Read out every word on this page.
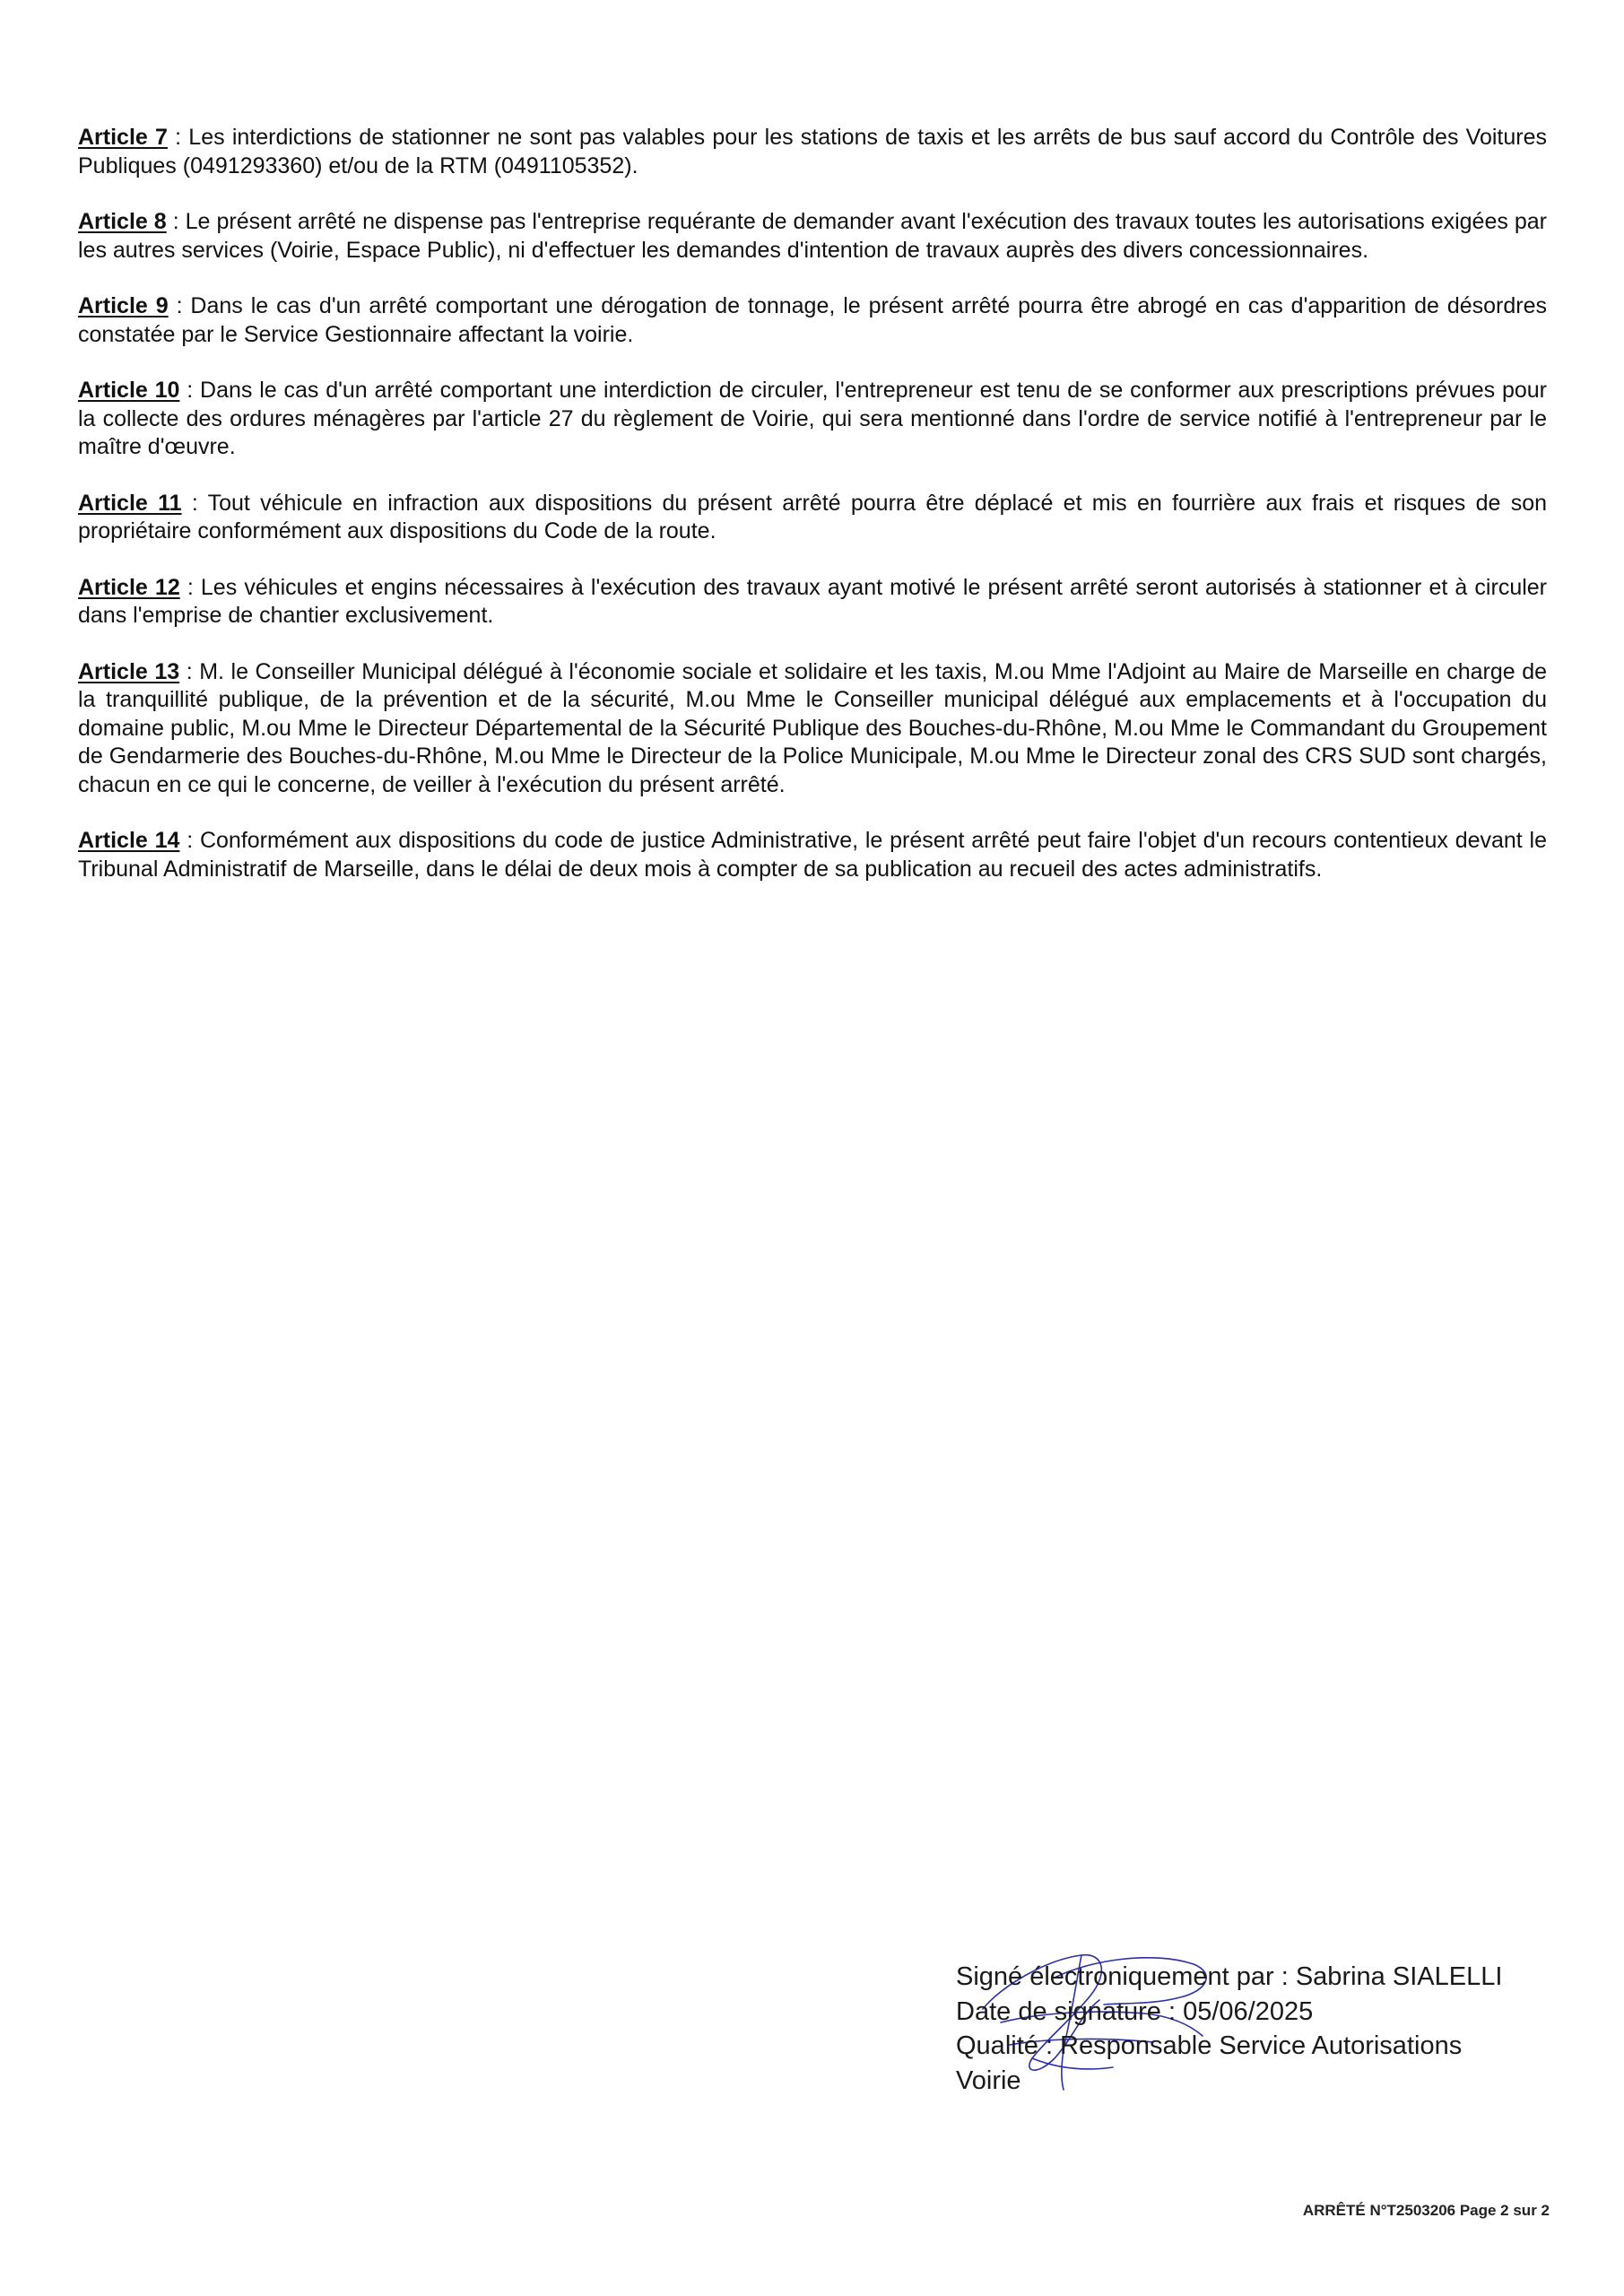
Article 7 : Les interdictions de stationner ne sont pas valables pour les stations de taxis et les arrêts de bus sauf accord du Contrôle des Voitures Publiques (0491293360) et/ou de la RTM (0491105352).

Article 8 : Le présent arrêté ne dispense pas l'entreprise requérante de demander avant l'exécution des travaux toutes les autorisations exigées par les autres services (Voirie, Espace Public), ni d'effectuer les demandes d'intention de travaux auprès des divers concessionnaires.

Article 9 : Dans le cas d'un arrêté comportant une dérogation de tonnage, le présent arrêté pourra être abrogé en cas d'apparition de désordres constatée par le Service Gestionnaire affectant la voirie.

Article 10 : Dans le cas d'un arrêté comportant une interdiction de circuler, l'entrepreneur est tenu de se conformer aux prescriptions prévues pour la collecte des ordures ménagères par l'article 27 du règlement de Voirie, qui sera mentionné dans l'ordre de service notifié à l'entrepreneur par le maître d'œuvre.

Article 11 : Tout véhicule en infraction aux dispositions du présent arrêté pourra être déplacé et mis en fourrière aux frais et risques de son propriétaire conformément aux dispositions du Code de la route.

Article 12 : Les véhicules et engins nécessaires à l'exécution des travaux ayant motivé le présent arrêté seront autorisés à stationner et à circuler dans l'emprise de chantier exclusivement.

Article 13 : M. le Conseiller Municipal délégué à l'économie sociale et solidaire et les taxis, M.ou Mme l'Adjoint au Maire de Marseille en charge de la tranquillité publique, de la prévention et de la sécurité, M.ou Mme le Conseiller municipal délégué aux emplacements et à l'occupation du domaine public, M.ou Mme le Directeur Départemental de la Sécurité Publique des Bouches-du-Rhône, M.ou Mme le Commandant du Groupement de Gendarmerie des Bouches-du-Rhône, M.ou Mme le Directeur de la Police Municipale, M.ou Mme le Directeur zonal des CRS SUD sont chargés, chacun en ce qui le concerne, de veiller à l'exécution du présent arrêté.

Article 14 : Conformément aux dispositions du code de justice Administrative, le présent arrêté peut faire l'objet d'un recours contentieux devant le Tribunal Administratif de Marseille, dans le délai de deux mois à compter de sa publication au recueil des actes administratifs.

Signé électroniquement par : Sabrina SIALELLI
Date de signature : 05/06/2025
Qualité : Responsable Service Autorisations
Voirie
ARRÊTÉ N°T2503206 Page 2 sur 2
